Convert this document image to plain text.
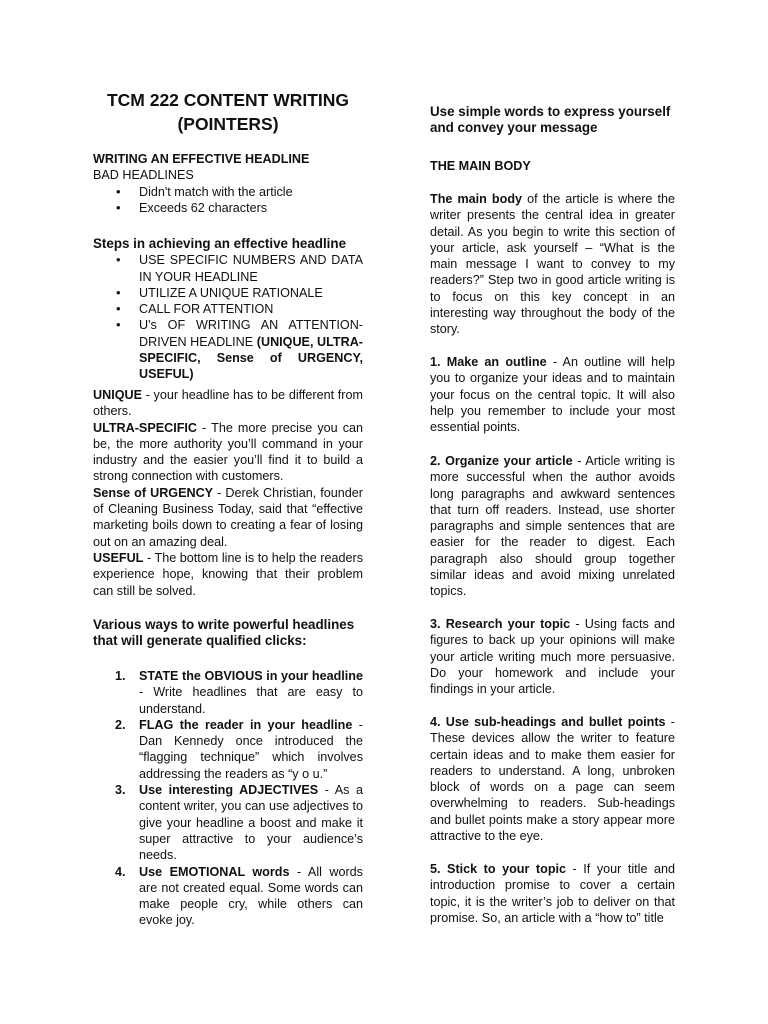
TCM 222 CONTENT WRITING
(POINTERS)
WRITING AN EFFECTIVE HEADLINE
BAD HEADLINES
• Didn't match with the article
• Exceeds 62 characters
Steps in achieving an effective headline
• USE SPECIFIC NUMBERS AND DATA IN YOUR HEADLINE
• UTILIZE A UNIQUE RATIONALE
• CALL FOR ATTENTION
• U's OF WRITING AN ATTENTION-DRIVEN HEADLINE (UNIQUE, ULTRA-SPECIFIC, Sense of URGENCY, USEFUL)

UNIQUE - your headline has to be different from others.

ULTRA-SPECIFIC - The more precise you can be, the more authority you’ll command in your industry and the easier you’ll find it to build a strong connection with customers.

Sense of URGENCY - Derek Christian, founder of Cleaning Business Today, said that “effective marketing boils down to creating a fear of losing out on an amazing deal.

USEFUL - The bottom line is to help the readers experience hope, knowing that their problem can still be solved.

Various ways to write powerful headlines that will generate qualified clicks:
1. STATE the OBVIOUS in your headline - Write headlines that are easy to understand.
2. FLAG the reader in your headline - Dan Kennedy once introduced the “flagging technique” which involves addressing the readers as “y o u.”
3. Use interesting ADJECTIVES - As a content writer, you can use adjectives to give your headline a boost and make it super attractive to your audience’s needs.
4. Use EMOTIONAL words - All words are not created equal. Some words can make people cry, while others can evoke joy.
Use simple words to express yourself and convey your message
THE MAIN BODY

The main body of the article is where the writer presents the central idea in greater detail. As you begin to write this section of your article, ask yourself – “What is the main message I want to convey to my readers?” Step two in good article writing is to focus on this key concept in an interesting way throughout the body of the story.

1. Make an outline - An outline will help you to organize your ideas and to maintain your focus on the central topic. It will also help you remember to include your most essential points.

2. Organize your article - Article writing is more successful when the author avoids long paragraphs and awkward sentences that turn off readers. Instead, use shorter paragraphs and simple sentences that are easier for the reader to digest. Each paragraph also should group together similar ideas and avoid mixing unrelated topics.

3. Research your topic - Using facts and figures to back up your opinions will make your article writing much more persuasive. Do your homework and include your findings in your article.

4. Use sub-headings and bullet points - These devices allow the writer to feature certain ideas and to make them easier for readers to understand. A long, unbroken block of words on a page can seem overwhelming to readers. Sub-headings and bullet points make a story appear more attractive to the eye.

5. Stick to your topic - If your title and introduction promise to cover a certain topic, it is the writer’s job to deliver on that promise. So, an article with a “how to” title
